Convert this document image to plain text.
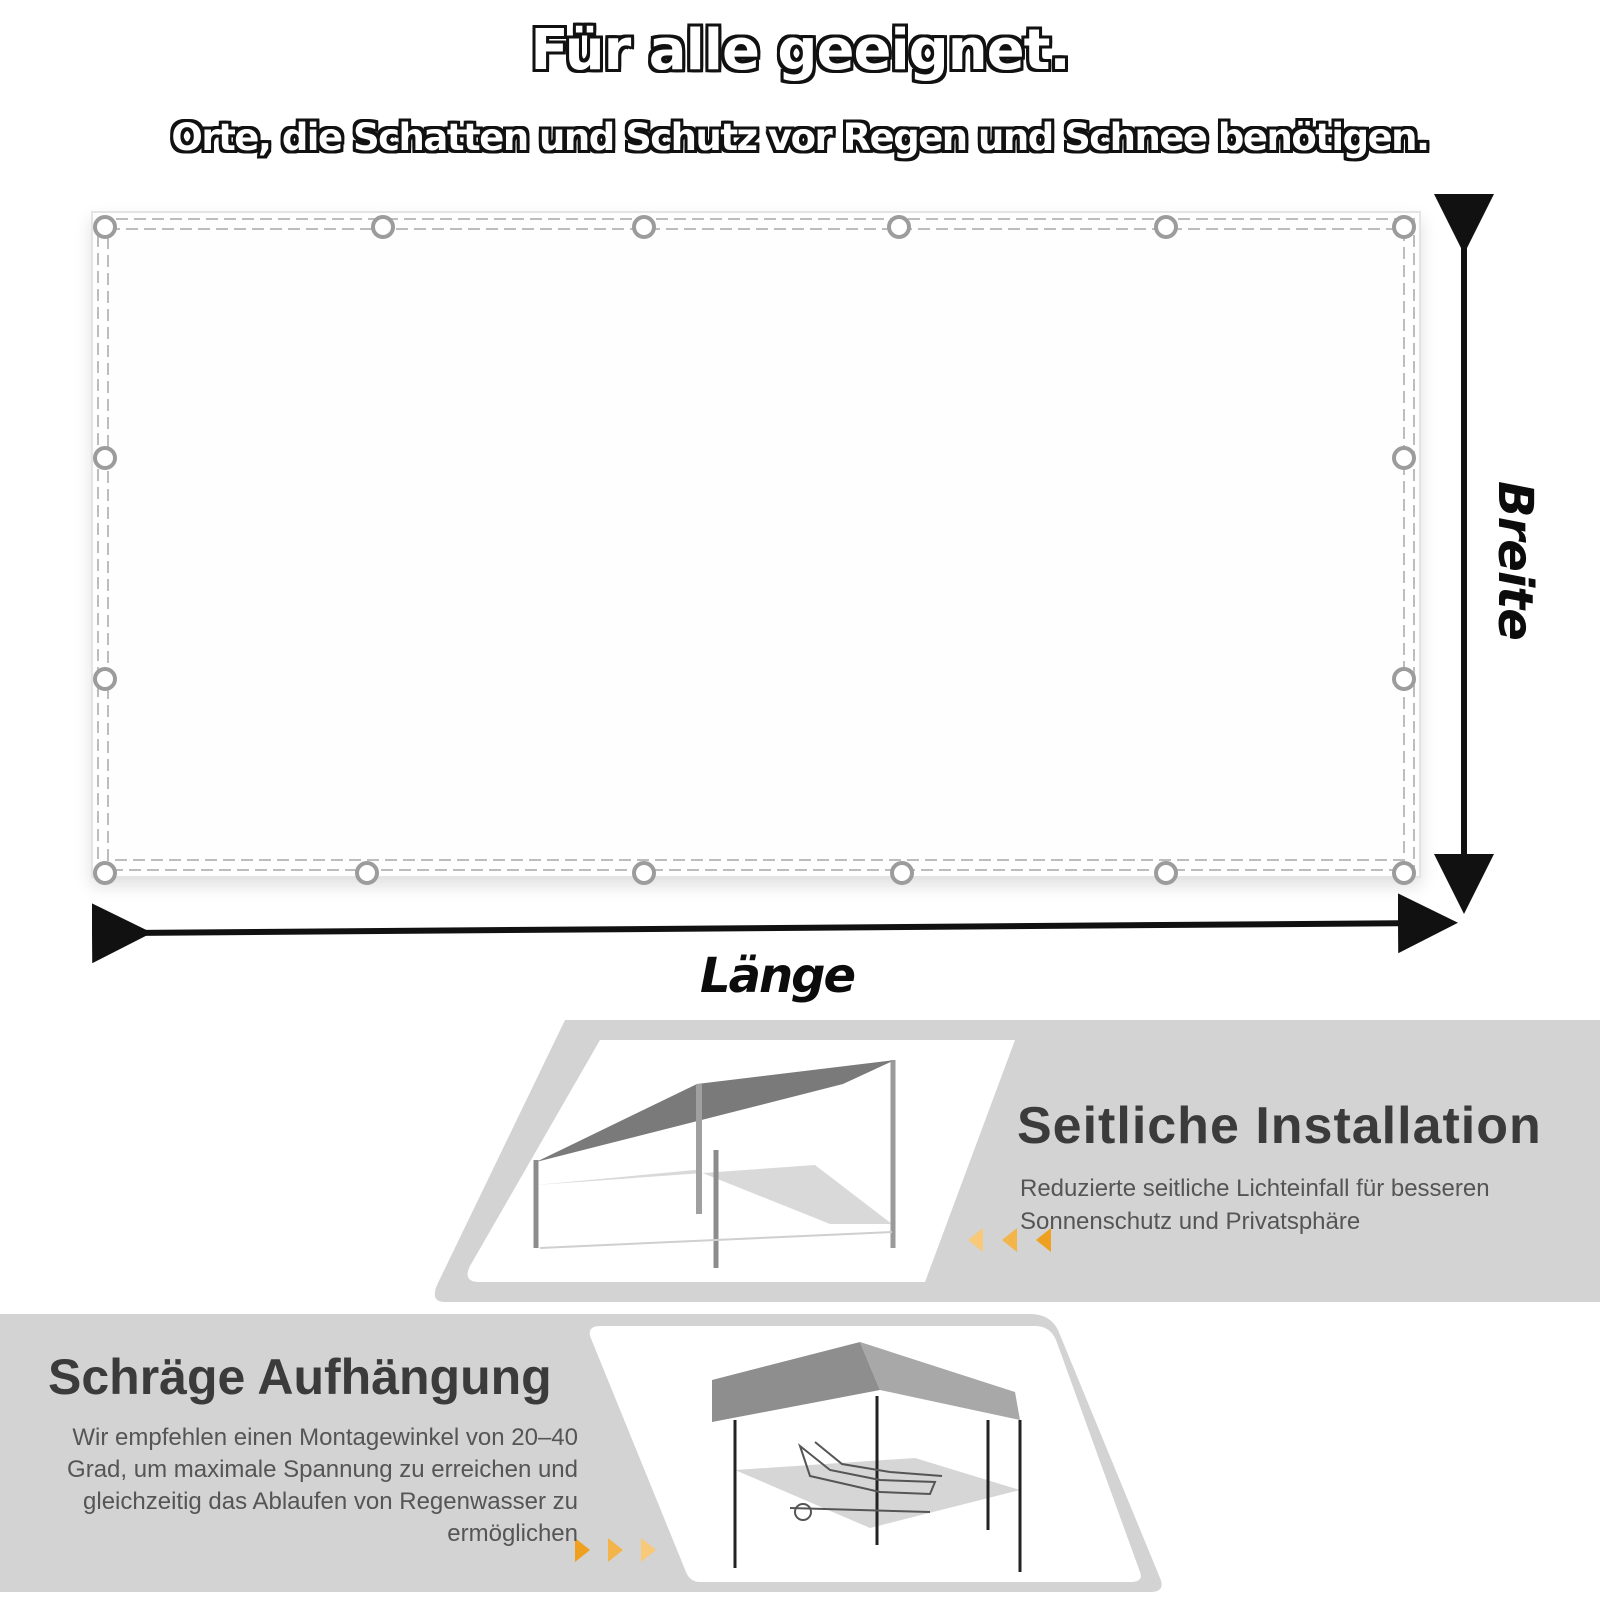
Für alle geeignet.
Orte, die Schatten und Schutz vor Regen und Schnee benötigen.
Länge
Breite
Seitliche Installation
Reduzierte seitliche Lichteinfall für besseren Sonnenschutz und Privatsphäre
Schräge Aufhängung
Wir empfehlen einen Montagewinkel von 20–40 Grad, um maximale Spannung zu erreichen und gleichzeitig das Ablaufen von Regenwasser zu ermöglichen
